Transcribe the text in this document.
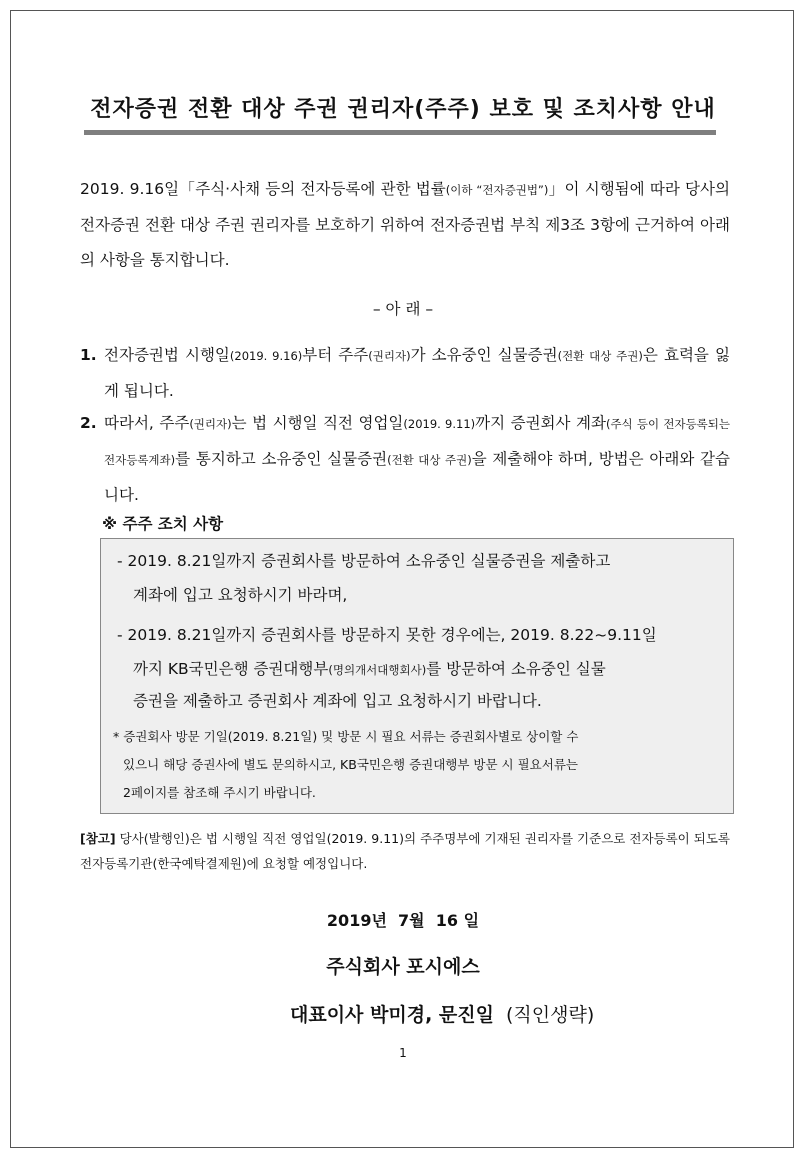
전자증권 전환 대상 주권 권리자(주주) 보호 및 조치사항 안내
2019. 9.16일「주식·사채 등의 전자등록에 관한 법률(이하 “전자증권법”)」이 시행됨에 따라 당사의 전자증권 전환 대상 주권 권리자를 보호하기 위하여 전자증권법 부칙 제3조 3항에 근거하여 아래의 사항을 통지합니다.
– 아 래 –
1. 전자증권법 시행일(2019. 9.16)부터 주주(권리자)가 소유중인 실물증권(전환 대상 주권)은 효력을 잃게 됩니다.
2. 따라서, 주주(권리자)는 법 시행일 직전 영업일(2019. 9.11)까지 증권회사 계좌(주식 등이 전자등록되는 전자등록계좌)를 통지하고 소유중인 실물증권(전환 대상 주권)을 제출해야 하며, 방법은 아래와 같습니다.
※ 주주 조치 사항
- 2019. 8.21일까지 증권회사를 방문하여 소유중인 실물증권을 제출하고
계좌에 입고 요청하시기 바라며,
- 2019. 8.21일까지 증권회사를 방문하지 못한 경우에는, 2019. 8.22~9.11일
까지 KB국민은행 증권대행부(명의개서대행회사)를 방문하여 소유중인 실물
증권을 제출하고 증권회사 계좌에 입고 요청하시기 바랍니다.
* 증권회사 방문 기일(2019. 8.21일) 및 방문 시 필요 서류는 증권회사별로 상이할 수
있으니 해당 증권사에 별도 문의하시고, KB국민은행 증권대행부 방문 시 필요서류는
2페이지를 참조해 주시기 바랍니다.
[참고] 당사(발행인)은 법 시행일 직전 영업일(2019. 9.11)의 주주명부에 기재된 권리자를 기준으로 전자등록이 되도록 전자등록기관(한국예탁결제원)에 요청할 예정입니다.
2019년  7월  16 일
주식회사 포시에스
대표이사 박미경, 문진일 (직인생략)
1
